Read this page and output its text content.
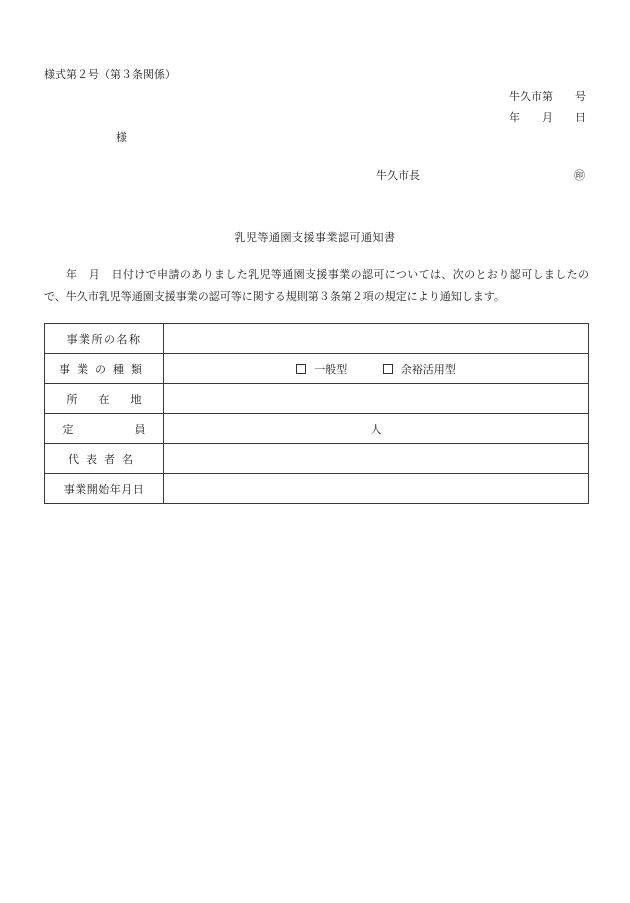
様式第２号（第３条関係）
牛久市第　　号
年　　月　　日
様
牛久市長	㊞
乳児等通園支援事業認可通知書
年　月　日付けで申請のありました乳児等通園支援事業の認可については、次のとおり認可しましたので、牛久市乳児等通園支援事業の認可等に関する規則第３条第２項の規定により通知します。
事業所の名称	
事業の種類	一般型 余裕活用型
所在地	
定員	人
代表者名	
事業開始年月日	
